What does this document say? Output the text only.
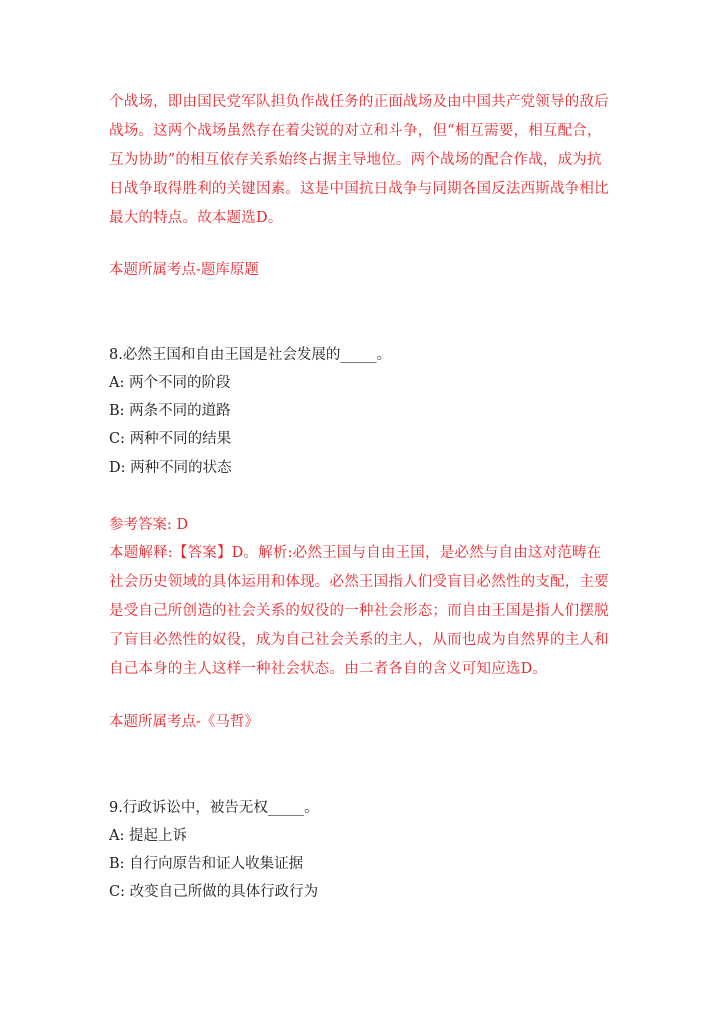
个战场，即由国民党军队担负作战任务的正面战场及由中国共产党领导的敌后战场。这两个战场虽然存在着尖锐的对立和斗争，但“相互需要，相互配合，互为协助”的相互依存关系始终占据主导地位。两个战场的配合作战，成为抗日战争取得胜利的关键因素。这是中国抗日战争与同期各国反法西斯战争相比最大的特点。故本题选D。

本题所属考点-题库原题

8.必然王国和自由王国是社会发展的_____。

A: 两个不同的阶段

B: 两条不同的道路

C: 两种不同的结果

D: 两种不同的状态

参考答案: D

本题解释:【答案】D。解析:必然王国与自由王国，是必然与自由这对范畴在社会历史领域的具体运用和体现。必然王国指人们受盲目必然性的支配，主要是受自己所创造的社会关系的奴役的一种社会形态；而自由王国是指人们摆脱了盲目必然性的奴役，成为自己社会关系的主人，从而也成为自然界的主人和自己本身的主人这样一种社会状态。由二者各自的含义可知应选D。

本题所属考点-《马哲》

9.行政诉讼中，被告无权_____。

A: 提起上诉

B: 自行向原告和证人收集证据

C: 改变自己所做的具体行政行为
